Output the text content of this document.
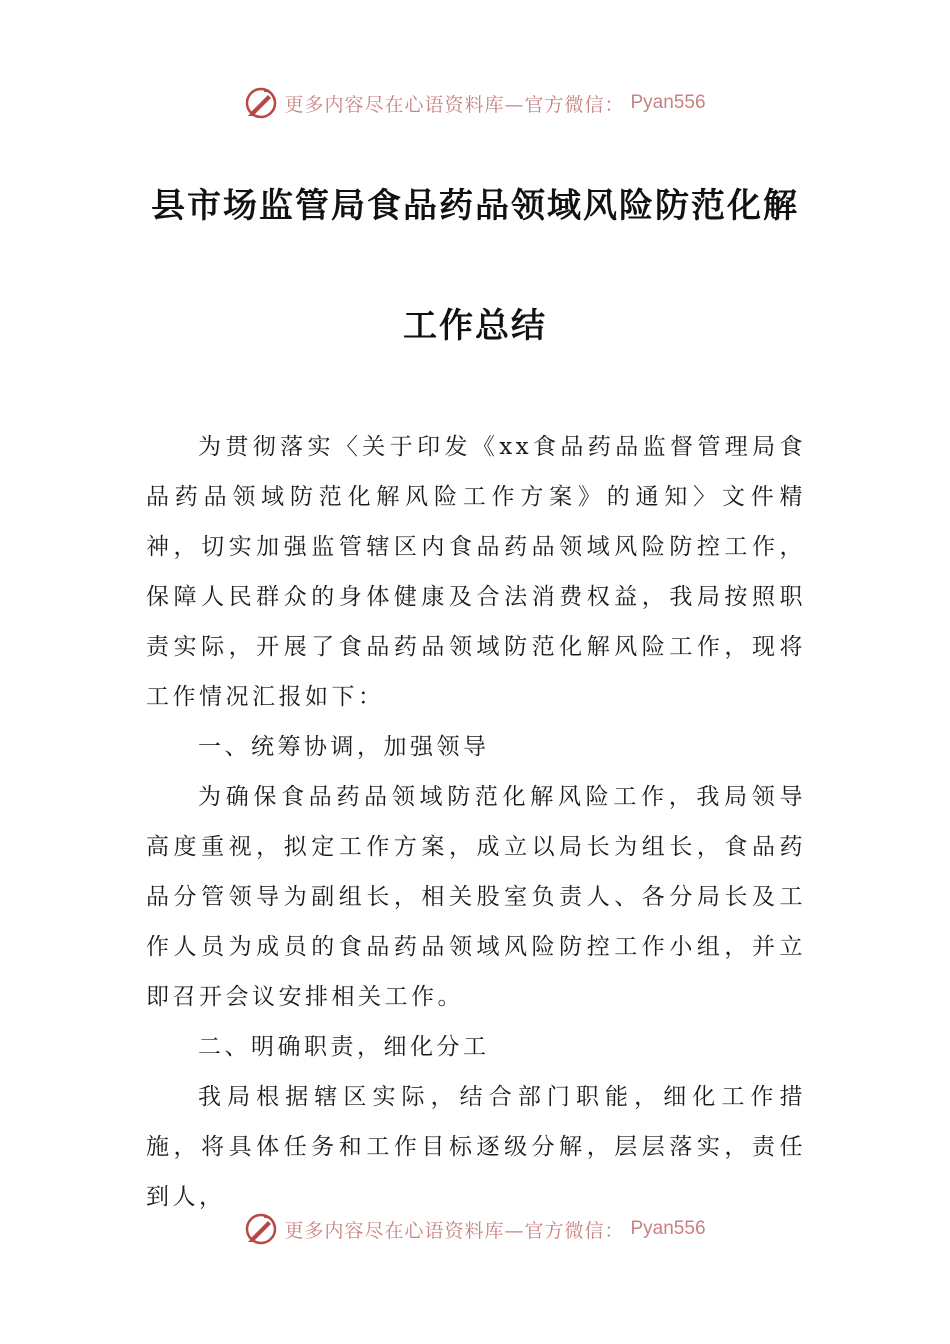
更多内容尽在心语资料库—官方微信： Pyan556
县市场监管局食品药品领域风险防范化解
工作总结

为贯彻落实〈关于印发《xx食品药品监督管理局食品药品领域防范化解风险工作方案》的通知〉文件精神，切实加强监管辖区内食品药品领域风险防控工作，保障人民群众的身体健康及合法消费权益，我局按照职责实际，开展了食品药品领域防范化解风险工作，现将工作情况汇报如下：

一、统筹协调，加强领导

为确保食品药品领域防范化解风险工作，我局领导高度重视，拟定工作方案，成立以局长为组长，食品药品分管领导为副组长，相关股室负责人、各分局长及工作人员为成员的食品药品领域风险防控工作小组，并立即召开会议安排相关工作。

二、明确职责，细化分工

我局根据辖区实际，结合部门职能，细化工作措施，将具体任务和工作目标逐级分解，层层落实，责任到人，

更多内容尽在心语资料库—官方微信： Pyan556
